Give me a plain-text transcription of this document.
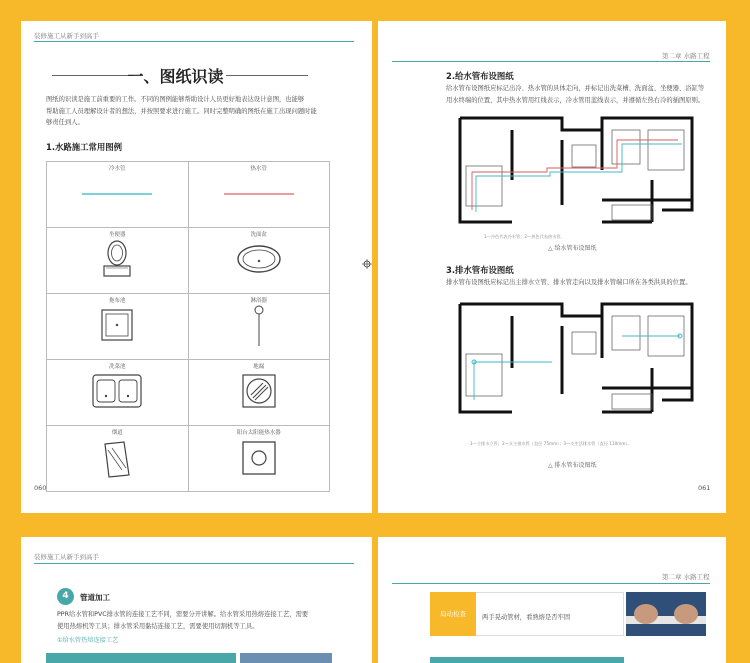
装修施工从新手到高手
一、图纸识读
图纸的识读是施工前重要的工作。不同的图例能够帮助设计人员更好地表达设计意图，也能够
帮助施工人员理解设计者的想法，并按照要求进行施工。同时完整明确的图纸在施工出现问题时能
够责任到人。
1.水路施工常用图例
冷水管	热水管

坐便器	洗面盆

拖布池	淋浴器

洗菜池	地漏

烟道	阳台太阳能热水器
060
第二章 水路工程
2.给水管布设图纸
给水管布设图纸应标记出冷、热水管的具体走向，并标记出洗菜槽、洗面盆、坐便器、浴缸等
用水终端的位置，其中热水管用红线表示，冷水管用蓝线表示，并遵循左热右冷的插图原则。
1—冷色代表冷水管；2—热色代表热水管。
△ 给水管布设图纸
3.排水管布设图纸
排水管布设图纸应标记出主排水立管、排水管走向以及排水管端口所在各类洪具的位置。
1—主排水立管；2—支主排水管（直径 75mm）；3—支生活排水管（直径 110mm）。
△ 排水管布设图纸
061
装修施工从新手到高手
4	管道加工
PPR给水管和PVC排水管的连接工艺不同，需要分开讲解。给水管采用热熔连接工艺，需要
使用热熔机等工具；排水管采用黏结连接工艺，需要使用切割机等工具。
①给水管热熔连接工艺
第二章 水路工程
局动检查	两手晃动管材，看熟熔是否牢固
